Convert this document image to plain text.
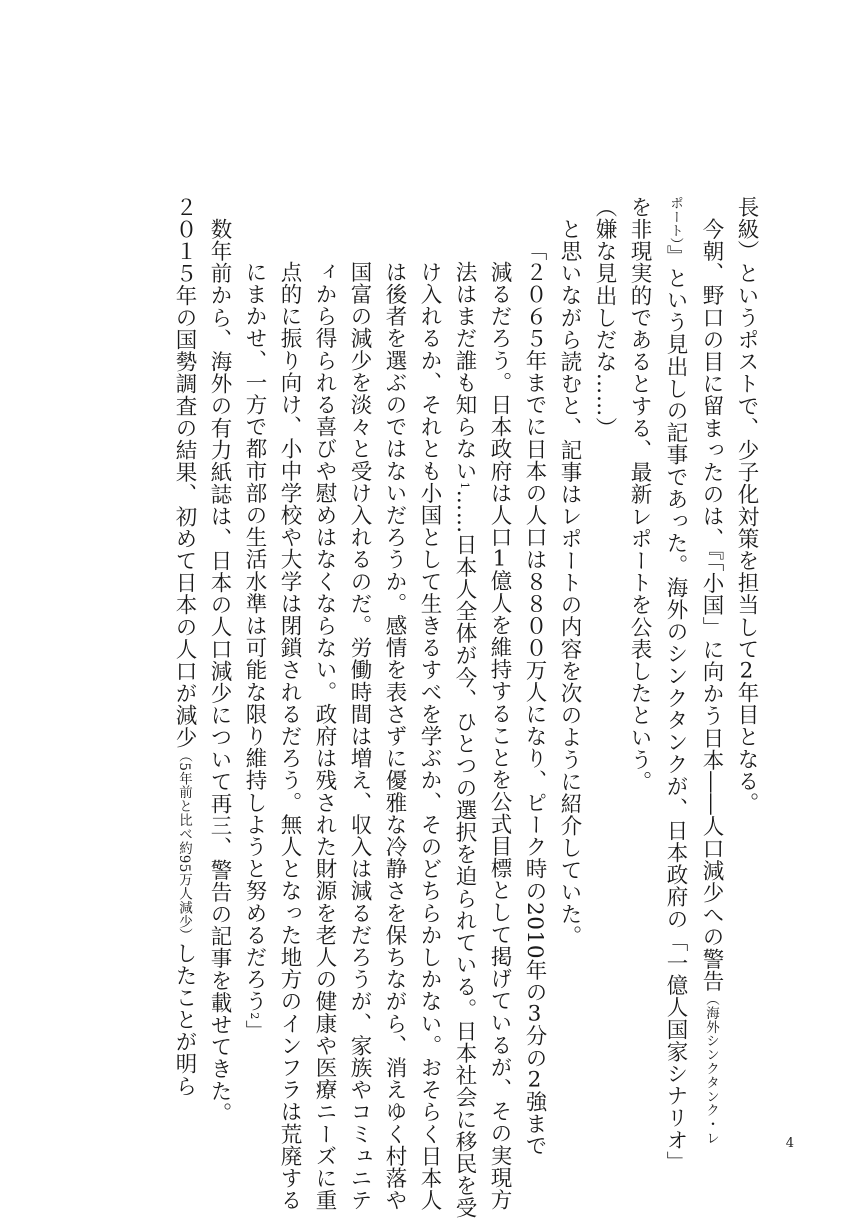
長級）というポストで、少子化対策を担当して2年目となる。
今朝、野口の目に留まったのは、『「小国」に向かう日本――人口減少への警告（海外シンクタンク・レ
ポート）』という見出しの記事であった。海外のシンクタンクが、日本政府の「一億人国家シナリオ」
を非現実的であるとする、最新レポートを公表したという。
（嫌な見出しだな……）
と思いながら読むと、記事はレポートの内容を次のように紹介していた。
「２０６５年までに日本の人口は８８００万人になり、ピーク時の2010年の3分の2強まで
減るだろう。日本政府は人口1億人を維持することを公式目標として掲げているが、その実現方
法はまだ誰も知らない1……日本人全体が今、ひとつの選択を迫られている。日本社会に移民を受
け入れるか、それとも小国として生きるすべを学ぶか、そのどちらかしかない。おそらく日本人
は後者を選ぶのではないだろうか。感情を表さずに優雅な冷静さを保ちながら、消えゆく村落や
国富の減少を淡々と受け入れるのだ。労働時間は増え、収入は減るだろうが、家族やコミュニテ
ィから得られる喜びや慰めはなくならない。政府は残された財源を老人の健康や医療ニーズに重
点的に振り向け、小中学校や大学は閉鎖されるだろう。無人となった地方のインフラは荒廃する
にまかせ、一方で都市部の生活水準は可能な限り維持しようと努めるだろう2」
数年前から、海外の有力紙誌は、日本の人口減少について再三、警告の記事を載せてきた。
２０１５年の国勢調査の結果、初めて日本の人口が減少（5年前と比べ約95万人減少）したことが明ら
4
